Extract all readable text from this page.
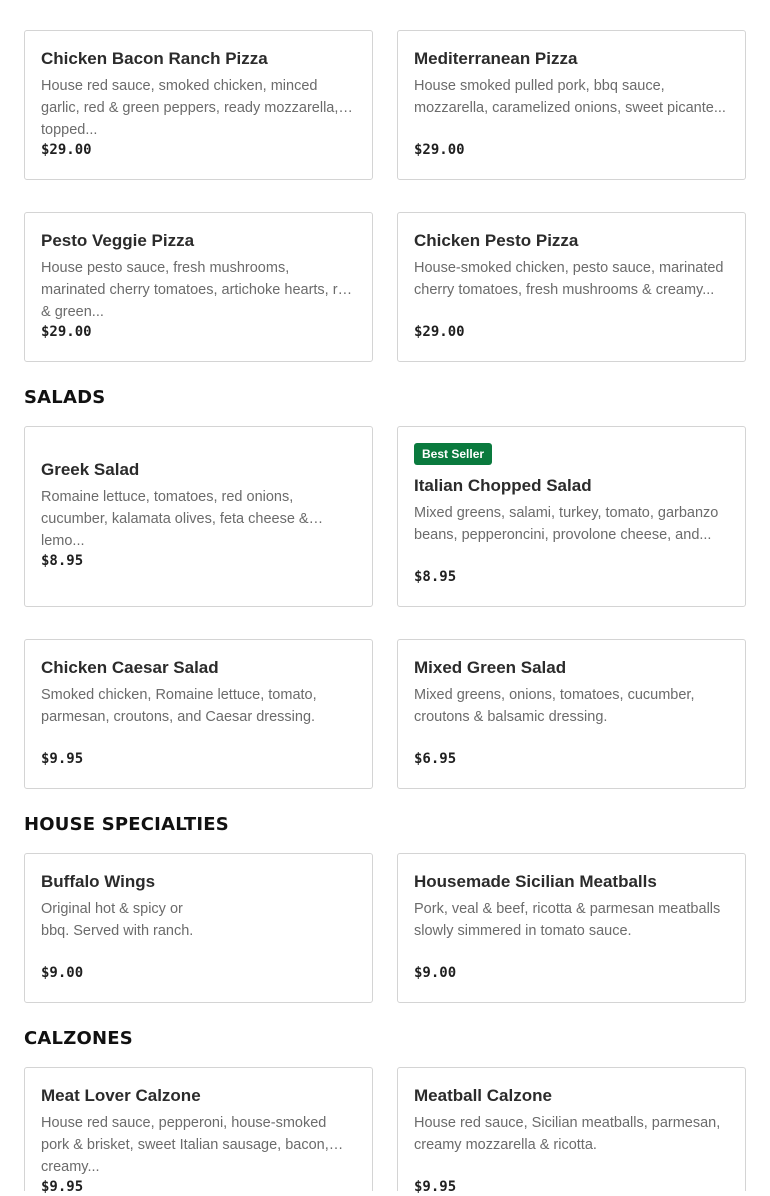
Chicken Bacon Ranch Pizza
House red sauce, smoked chicken, minced garlic, red & green peppers, ready mozzarella, topped...
$29.00
Mediterranean Pizza
House smoked pulled pork, bbq sauce, mozzarella, caramelized onions, sweet picante...
$29.00
Pesto Veggie Pizza
House pesto sauce, fresh mushrooms, marinated cherry tomatoes, artichoke hearts, red & green...
$29.00
Chicken Pesto Pizza
House-smoked chicken, pesto sauce, marinated cherry tomatoes, fresh mushrooms & creamy...
$29.00
SALADS
Greek Salad
Romaine lettuce, tomatoes, red onions, cucumber, kalamata olives, feta cheese & lemo...
$8.95
Best Seller
Italian Chopped Salad
Mixed greens, salami, turkey, tomato, garbanzo beans, pepperoncini, provolone cheese, and...
$8.95
Chicken Caesar Salad
Smoked chicken, Romaine lettuce, tomato, parmesan, croutons, and Caesar dressing.
$9.95
Mixed Green Salad
Mixed greens, onions, tomatoes, cucumber, croutons & balsamic dressing.
$6.95
HOUSE SPECIALTIES
Buffalo Wings
Original hot & spicy or
bbq. Served with ranch.
$9.00
Housemade Sicilian Meatballs
Pork, veal & beef, ricotta & parmesan meatballs slowly simmered in tomato sauce.
$9.00
CALZONES
Meat Lover Calzone
House red sauce, pepperoni, house-smoked pork & brisket, sweet Italian sausage, bacon, creamy...
$9.95
Meatball Calzone
House red sauce, Sicilian meatballs, parmesan, creamy mozzarella & ricotta.
$9.95
